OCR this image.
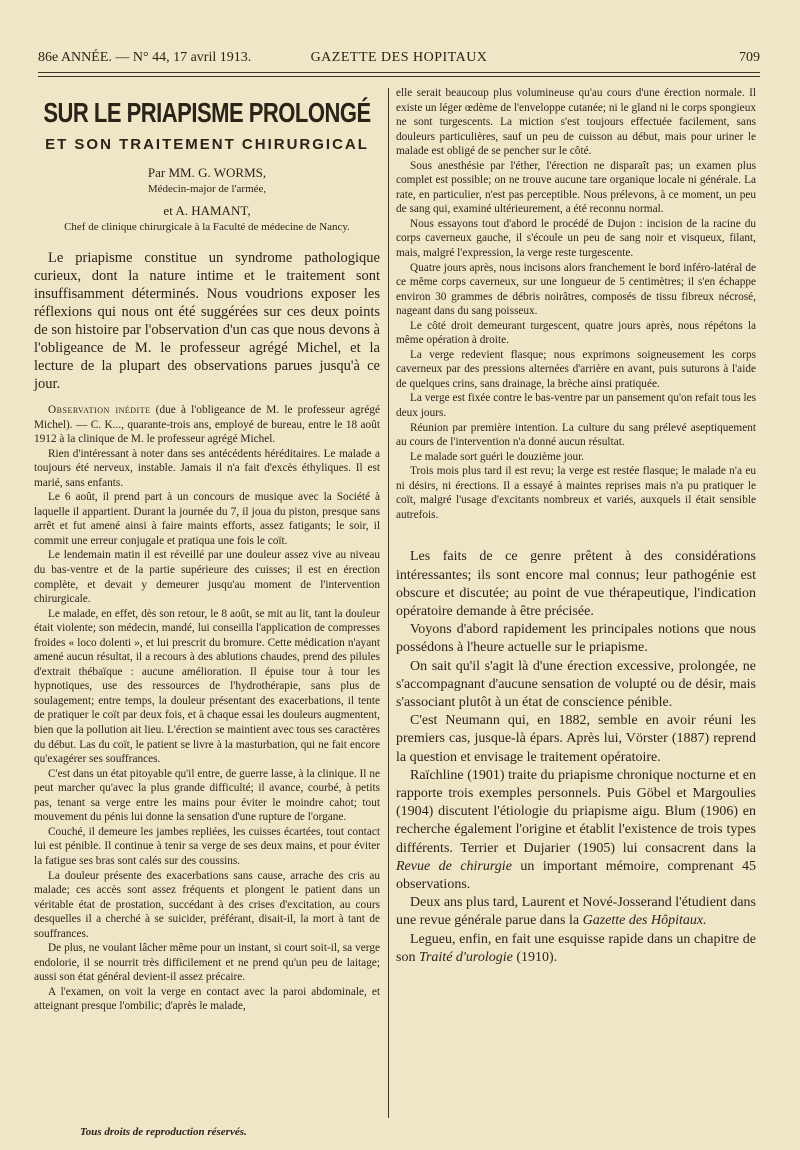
86e ANNÉE. — N° 44, 17 avril 1913.	GAZETTE DES HOPITAUX	709
SUR LE PRIAPISME PROLONGÉ
ET SON TRAITEMENT CHIRURGICAL
Par MM. G. WORMS,
Médecin-major de l'armée,
et A. HAMANT,
Chef de clinique chirurgicale à la Faculté de médecine de Nancy.
Le priapisme constitue un syndrome pathologique curieux, dont la nature intime et le traitement sont insuffisamment déterminés. Nous voudrions exposer les réflexions qui nous ont été suggérées sur ces deux points de son histoire par l'observation d'un cas que nous devons à l'obligeance de M. le professeur agrégé Michel, et la lecture de la plupart des observations parues jusqu'à ce jour.

Observation inédite (due à l'obligeance de M. le professeur agrégé Michel). — C. K..., quarante-trois ans, employé de bureau, entre le 18 août 1912 à la clinique de M. le professeur agrégé Michel.

Rien d'intéressant à noter dans ses antécédents héréditaires. Le malade a toujours été nerveux, instable. Jamais il n'a fait d'excès éthyliques. Il est marié, sans enfants.

Le 6 août, il prend part à un concours de musique avec la Société à laquelle il appartient. Durant la journée du 7, il joua du piston, presque sans arrêt et fut amené ainsi à faire maints efforts, assez fatigants; le soir, il commit une erreur conjugale et pratiqua une fois le coït.

Le lendemain matin il est réveillé par une douleur assez vive au niveau du bas-ventre et de la partie supérieure des cuisses; il est en érection complète, et devait y demeurer jusqu'au moment de l'intervention chirurgicale.

Le malade, en effet, dès son retour, le 8 août, se mit au lit, tant la douleur était violente; son médecin, mandé, lui conseilla l'application de compresses froides « loco dolenti », et lui prescrit du bromure. Cette médication n'ayant amené aucun résultat, il a recours à des ablutions chaudes, prend des pilules d'extrait thébaïque : aucune amélioration. Il épuise tour à tour les hypnotiques, use des ressources de l'hydrothérapie, sans plus de soulagement; entre temps, la douleur présentant des exacerbations, il tente de pratiquer le coït par deux fois, et à chaque essai les douleurs augmentent, bien que la pollution ait lieu. L'érection se maintient avec tous ses caractères du début. Las du coït, le patient se livre à la masturbation, qui ne fait encore qu'exagérer ses souffrances.

C'est dans un état pitoyable qu'il entre, de guerre lasse, à la clinique. Il ne peut marcher qu'avec la plus grande difficulté; il avance, courbé, à petits pas, tenant sa verge entre les mains pour éviter le moindre cahot; tout mouvement du pénis lui donne la sensation d'une rupture de l'organe.

Couché, il demeure les jambes repliées, les cuisses écartées, tout contact lui est pénible. Il continue à tenir sa verge de ses deux mains, et pour éviter la fatigue ses bras sont calés sur des coussins.

La douleur présente des exacerbations sans cause, arrache des cris au malade; ces accès sont assez fréquents et plongent le patient dans un véritable état de prostation, succédant à des crises d'excitation, au cours desquelles il a cherché à se suicider, préférant, disait-il, la mort à tant de souffrances.

De plus, ne voulant lâcher même pour un instant, si court soit-il, sa verge endolorie, il se nourrit très difficilement et ne prend qu'un peu de laitage; aussi son état général devient-il assez précaire.

A l'examen, on voit la verge en contact avec la paroi abdominale, et atteignant presque l'ombilic; d'après le malade,

elle serait beaucoup plus volumineuse qu'au cours d'une érection normale. Il existe un léger œdème de l'enveloppe cutanée; ni le gland ni le corps spongieux ne sont turgescents. La miction s'est toujours effectuée facilement, sans douleurs particulières, sauf un peu de cuisson au début, mais pour uriner le malade est obligé de se pencher sur le côté.

Sous anesthésie par l'éther, l'érection ne disparaît pas; un examen plus complet est possible; on ne trouve aucune tare organique locale ni générale. La rate, en particulier, n'est pas perceptible. Nous prélevons, à ce moment, un peu de sang qui, examiné ultérieurement, a été reconnu normal.

Nous essayons tout d'abord le procédé de Dujon : incision de la racine du corps caverneux gauche, il s'écoule un peu de sang noir et visqueux, filant, mais, malgré l'expression, la verge reste turgescente.

Quatre jours après, nous incisons alors franchement le bord inféro-latéral de ce même corps caverneux, sur une longueur de 5 centimètres; il s'en échappe environ 30 grammes de débris noirâtres, composés de tissu fibreux nécrosé, nageant dans du sang poisseux.

Le côté droit demeurant turgescent, quatre jours après, nous répétons la même opération à droite.

La verge redevient flasque; nous exprimons soigneusement les corps caverneux par des pressions alternées d'arrière en avant, puis suturons à l'aide de quelques crins, sans drainage, la brèche ainsi pratiquée.

La verge est fixée contre le bas-ventre par un pansement qu'on refait tous les deux jours.

Réunion par première intention. La culture du sang prélevé aseptiquement au cours de l'intervention n'a donné aucun résultat.

Le malade sort guéri le douzième jour.

Trois mois plus tard il est revu; la verge est restée flasque; le malade n'a eu ni désirs, ni érections. Il a essayé à maintes reprises mais n'a pu pratiquer le coït, malgré l'usage d'excitants nombreux et variés, auxquels il était sensible autrefois.

Les faits de ce genre prêtent à des considérations intéressantes; ils sont encore mal connus; leur pathogénie est obscure et discutée; au point de vue thérapeutique, l'indication opératoire demande à être précisée.

Voyons d'abord rapidement les principales notions que nous possédons à l'heure actuelle sur le priapisme.

On sait qu'il s'agit là d'une érection excessive, prolongée, ne s'accompagnant d'aucune sensation de volupté ou de désir, mais s'associant plutôt à un état de conscience pénible.

C'est Neumann qui, en 1882, semble en avoir réuni les premiers cas, jusque-là épars. Après lui, Vörster (1887) reprend la question et envisage le traitement opératoire.

Raïchline (1901) traite du priapisme chronique nocturne et en rapporte trois exemples personnels. Puis Göbel et Margoulies (1904) discutent l'étiologie du priapisme aigu. Blum (1906) en recherche également l'origine et établit l'existence de trois types différents. Terrier et Dujarier (1905) lui consacrent dans la Revue de chirurgie un important mémoire, comprenant 45 observations.

Deux ans plus tard, Laurent et Nové-Josserand l'étudient dans une revue générale parue dans la Gazette des Hôpitaux.

Legueu, enfin, en fait une esquisse rapide dans un chapitre de son Traité d'urologie (1910).

Tous droits de reproduction réservés.
